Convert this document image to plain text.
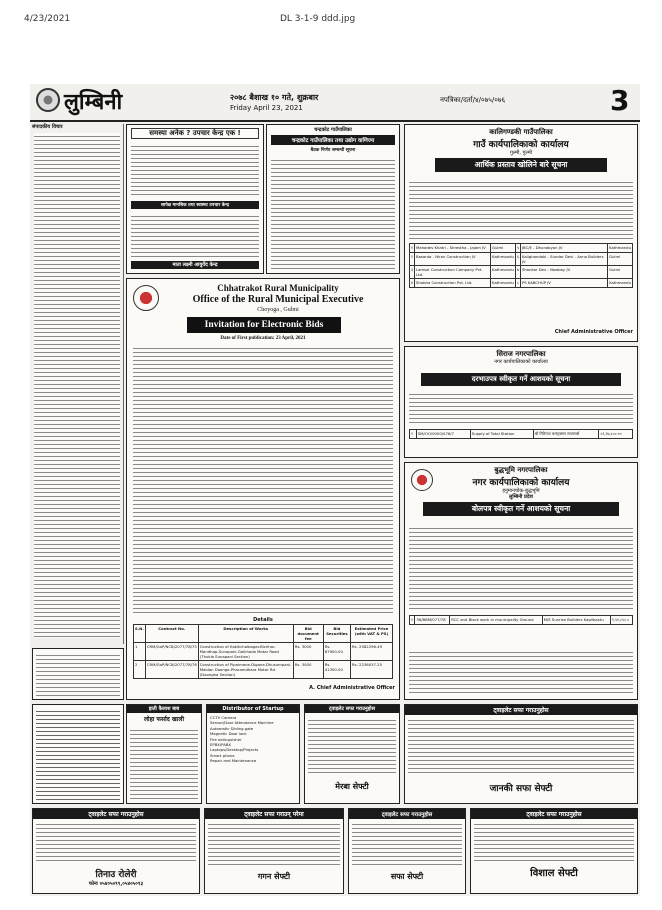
4/23/2021	DL 3-1-9 ddd.jpg
लुम्बिनी	२०७८ बैशाख १० गते, शुक्रबार
Friday April 23, 2021
नपत्रिका/दर्ता/४/०७५/०७६	3
संपादकीय विचार
हाती कैलाश बाब
लोहा फर्साद खाली
समस्या अनेक ? उपचार केन्द्र एक !
सापेक्ष मानसिक तथा स्वास्थ्य उपचार केन्द्र
माता लक्ष्मी आयुर्वेद केन्द्र
चन्द्रकोट गाउँपालिका
चन्द्रकोट गाउँपालिका तथा उद्योग वाणिज्य
बैठक निर्णय सम्बन्धी सूचना
Chhatrakot Rural Municipality
Office of the Rural Municipal Executive
Choyoga , Gulmi
Invitation for Electronic Bids
Date of First publication: 23 April, 2021
Details
S.N.	Contract No.	Description of Works	Bid document fee	Bid Securities	Estimated Price (with VAT & PS)
1	CRM/GoP/NCB/2077/78/75	Construction of Kakikchalbagar-Bichhar-Mandhap-Sunapani-Galkhada Motar Road (Thukla Sunapani Section)	Rs. 3000	Rs. 67900.00	Rs. 2582296.49
2	CRM/GoP/NCB/2077/78/76	Construction of Pipalmane-Digane-Dhusumpani-Maidan Doonga-Pharamdhara Motor Rd. (Doongha Section)	Rs. 3000	Rs. 41300.00	Rs. 2236037.25
A. Chief Administrative Officer
कालिगण्डकी गाउँपालिका
गाउँ कार्यपालिकाको कार्यालय
गुल्मी, गुल्मी
आर्थिक प्रस्ताव खोलिने बारे सूचना
१	Mahadev Khatri - Shrestha - Jajam JV	Gulmi	५	JBC/E - Dhunabyon JV	Kathmandu
२	Basanta - Nirav Construction JV	Kathmandu	६	Kalighandaki - Sundar Devi - Anna Builders JV	Gulmi
३	Lamsal Construction Company Pvt. Ltd.	Kathmandu	७	Shankar Dev - Nowbay JV	Gulmi
४	Shobha Construction Pvt. Ltd.	Kathmandu	८	PS KABCHUP JV	Kathmandu
Chief Administrative Officer
सिराज नगरपालिका
नगर कार्यपालिकाको कार्यालय
दरभाउपत्र स्वीकृत गर्ने आशयको सूचना
१	SM/OO/0000/076/7	Supply of Total Station	श्री गिरिराज कन्स्ट्रक्सन सप्लायर्स	८९,२७,८००.००
बुद्धभूमि नगरपालिका
नगर कार्यपालिकाको कार्यालय
हनुमानचोक-बुद्धभूमि
लुम्बिनी प्रदेश
बोलपत्र स्वीकृत गर्ने आशयको सूचना
१	36/BBM/077/78	RCC and Black work in municipality Ground	M/S Sunrise Builders Kapilbastu	१,५१,८५८.०
Distributor of Startup
CCTV Camera
Sensor/Door Attendance Machine
Automatic Sliding gate
Magnetic Door lock
Fire extinguisher
EPBX/PABX
Laptops/Desktop/Projects
Smart phone
Repair and Maintenance
ट्वाइलेट सफा गराउनुहोस
मेरबा सेफ्टी
ट्वाइलेट सफा गराउनुहोस
जानकी सफा सेफ्टी
ट्वाइलेट सफा गराउनुहोस
तिनाउ रोलेरी
फोनः ०५४०५०९९,०५४०५०९३
ट्वाइलेट सफा गराउन् परेमा
गगन सेफ्टी
ट्वाइलेट सफा गराउनुहोस
सफा सेफ्टी
ट्वाइलेट सफा गराउनुहोस
विशाल सेफ्टी
